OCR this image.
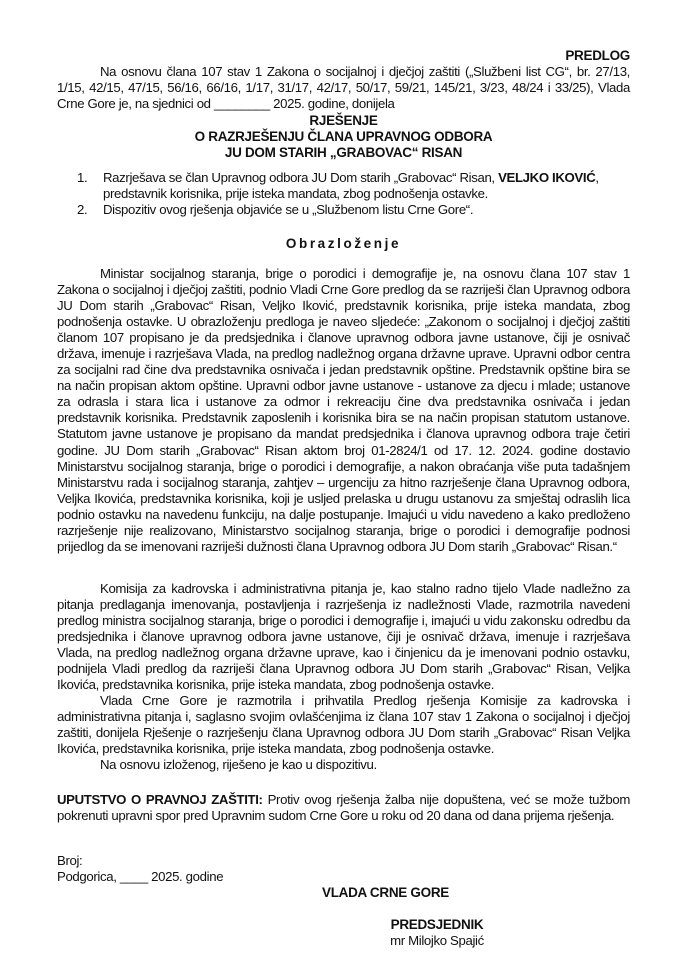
PREDLOG

Na osnovu člana 107 stav 1 Zakona o socijalnoj i dječjoj zaštiti („Službeni list CG“, br. 27/13, 1/15, 42/15, 47/15, 56/16, 66/16, 1/17, 31/17, 42/17, 50/17, 59/21, 145/21, 3/23, 48/24 i 33/25), Vlada Crne Gore je, na sjednici od ________ 2025. godine, donijela

RJEŠENJE
O RAZRJEŠENJU ČLANA UPRAVNOG ODBORA
JU DOM STARIH „GRABOVAC“ RISAN
1. Razrješava se član Upravnog odbora JU Dom starih „Grabovac“ Risan, VELJKO IKOVIĆ, predstavnik korisnika, prije isteka mandata, zbog podnošenja ostavke.
2. Dispozitiv ovog rješenja objaviće se u „Službenom listu Crne Gore“.
Obrazloženje

Ministar socijalnog staranja, brige o porodici i demografije je, na osnovu člana 107 stav 1 Zakona o socijalnoj i dječjoj zaštiti, podnio Vladi Crne Gore predlog da se razriješi član Upravnog odbora JU Dom starih „Grabovac“ Risan, Veljko Iković, predstavnik korisnika, prije isteka mandata, zbog podnošenja ostavke. U obrazloženju predloga je naveo sljedeće: „Zakonom o socijalnoj i dječjoj zaštiti članom 107 propisano je da predsjednika i članove upravnog odbora javne ustanove, čiji je osnivač država, imenuje i razrješava Vlada, na predlog nadležnog organa državne uprave. Upravni odbor centra za socijalni rad čine dva predstavnika osnivača i jedan predstavnik opštine. Predstavnik opštine bira se na način propisan aktom opštine. Upravni odbor javne ustanove - ustanove za djecu i mlade; ustanove za odrasla i stara lica i ustanove za odmor i rekreaciju čine dva predstavnika osnivača i jedan predstavnik korisnika. Predstavnik zaposlenih i korisnika bira se na način propisan statutom ustanove. Statutom javne ustanove je propisano da mandat predsjednika i članova upravnog odbora traje četiri godine. JU Dom starih „Grabovac“ Risan aktom broj 01-2824/1 od 17. 12. 2024. godine dostavio Ministarstvu socijalnog staranja, brige o porodici i demografije, a nakon obraćanja više puta tadašnjem Ministarstvu rada i socijalnog staranja, zahtjev – urgenciju za hitno razrješenje člana Upravnog odbora, Veljka Ikovića, predstavnika korisnika, koji je usljed prelaska u drugu ustanovu za smještaj odraslih lica podnio ostavku na navedenu funkciju, na dalje postupanje. Imajući u vidu navedeno a kako predloženo razrješenje nije realizovano, Ministarstvo socijalnog staranja, brige o porodici i demografije podnosi prijedlog da se imenovani razriješi dužnosti člana Upravnog odbora JU Dom starih „Grabovac“ Risan.“

Komisija za kadrovska i administrativna pitanja je, kao stalno radno tijelo Vlade nadležno za pitanja predlaganja imenovanja, postavljenja i razrješenja iz nadležnosti Vlade, razmotrila navedeni predlog ministra socijalnog staranja, brige o porodici i demografije i, imajući u vidu zakonsku odredbu da predsjednika i članove upravnog odbora javne ustanove, čiji je osnivač država, imenuje i razrješava Vlada, na predlog nadležnog organa državne uprave, kao i činjenicu da je imenovani podnio ostavku, podnijela Vladi predlog da razriješi člana Upravnog odbora JU Dom starih „Grabovac“ Risan, Veljka Ikovića, predstavnika korisnika, prije isteka mandata, zbog podnošenja ostavke.

Vlada Crne Gore je razmotrila i prihvatila Predlog rješenja Komisije za kadrovska i administrativna pitanja i, saglasno svojim ovlašćenjima iz člana 107 stav 1 Zakona o socijalnoj i dječjoj zaštiti, donijela Rješenje o razrješenju člana Upravnog odbora JU Dom starih „Grabovac“ Risan Veljka Ikovića, predstavnika korisnika, prije isteka mandata, zbog podnošenja ostavke.

Na osnovu izloženog, riješeno je kao u dispozitivu.

UPUTSTVO O PRAVNOJ ZAŠTITI: Protiv ovog rješenja žalba nije dopuštena, već se može tužbom pokrenuti upravni spor pred Upravnim sudom Crne Gore u roku od 20 dana od dana prijema rješenja.

Broj:
Podgorica, ____ 2025. godine
VLADA CRNE GORE
PREDSJEDNIK
mr Milojko Spajić
